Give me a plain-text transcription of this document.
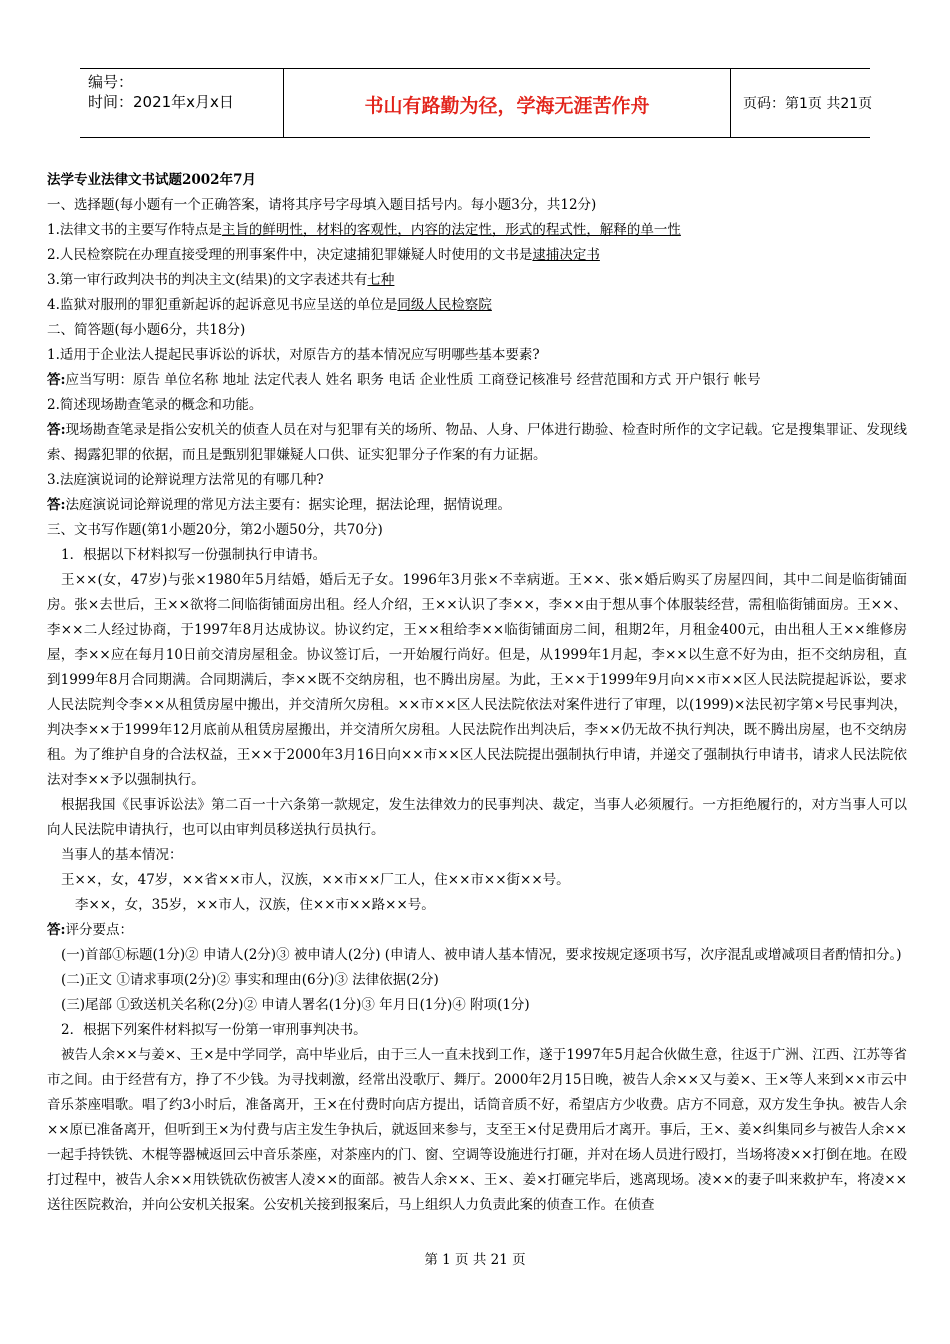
编号：
时间：2021年x月x日	书山有路勤为径，学海无涯苦作舟	页码：第1页 共21页

法学专业法律文书试题2002年7月

一、选择题(每小题有一个正确答案，请将其序号字母填入题目括号内。每小题3分，共12分)

1.法律文书的主要写作特点是主旨的鲜明性，材料的客观性，内容的法定性，形式的程式性，解释的单一性

2.人民检察院在办理直接受理的刑事案件中，决定逮捕犯罪嫌疑人时使用的文书是逮捕决定书

3.第一审行政判决书的判决主文(结果)的文字表述共有七种

4.监狱对服刑的罪犯重新起诉的起诉意见书应呈送的单位是同级人民检察院

二、简答题(每小题6分，共18分)

1.适用于企业法人提起民事诉讼的诉状，对原告方的基本情况应写明哪些基本要素?

答:应当写明：原告 单位名称 地址 法定代表人 姓名 职务 电话 企业性质 工商登记核准号 经营范围和方式 开户银行 帐号

2.简述现场勘查笔录的概念和功能。

答:现场勘查笔录是指公安机关的侦查人员在对与犯罪有关的场所、物品、人身、尸体进行勘验、检查时所作的文字记载。它是搜集罪证、发现线索、揭露犯罪的依据，而且是甄别犯罪嫌疑人口供、证实犯罪分子作案的有力证据。

3.法庭演说词的论辩说理方法常见的有哪几种?

答:法庭演说词论辩说理的常见方法主要有：据实论理，据法论理，据情说理。

三、文书写作题(第1小题20分，第2小题50分，共70分)

1．根据以下材料拟写一份强制执行申请书。

王××(女，47岁)与张×1980年5月结婚，婚后无子女。1996年3月张×不幸病逝。王××、张×婚后购买了房屋四间，其中二间是临街铺面房。张×去世后，王××欲将二间临街铺面房出租。经人介绍，王××认识了李××，李××由于想从事个体服装经营，需租临街铺面房。王××、李××二人经过协商，于1997年8月达成协议。协议约定，王××租给李××临街铺面房二间，租期2年，月租金400元，由出租人王××维修房屋，李××应在每月10日前交清房屋租金。协议签订后，一开始履行尚好。但是，从1999年1月起，李××以生意不好为由，拒不交纳房租，直到1999年8月合同期满。合同期满后，李××既不交纳房租，也不腾出房屋。为此，王××于1999年9月向××市××区人民法院提起诉讼，要求人民法院判令李××从租赁房屋中搬出，并交清所欠房租。××市××区人民法院依法对案件进行了审理，以(1999)×法民初字第×号民事判决，判决李××于1999年12月底前从租赁房屋搬出，并交清所欠房租。人民法院作出判决后，李××仍无故不执行判决，既不腾出房屋，也不交纳房租。为了维护自身的合法权益，王××于2000年3月16日向××市××区人民法院提出强制执行申请，并递交了强制执行申请书，请求人民法院依法对李××予以强制执行。

根据我国《民事诉讼法》第二百一十六条第一款规定，发生法律效力的民事判决、裁定，当事人必须履行。一方拒绝履行的，对方当事人可以向人民法院申请执行，也可以由审判员移送执行员执行。

当事人的基本情况：

王××，女，47岁，××省××市人，汉族，××市××厂工人，住××市××街××号。

李××，女，35岁，××市人，汉族，住××市××路××号。

答:评分要点：

(一)首部①标题(1分)② 申请人(2分)③ 被申请人(2分) (申请人、被申请人基本情况，要求按规定逐项书写，次序混乱或增减项目者酌情扣分。)

(二)正文 ①请求事项(2分)② 事实和理由(6分)③ 法律依据(2分)

(三)尾部 ①致送机关名称(2分)② 申请人署名(1分)③ 年月日(1分)④ 附项(1分)

2．根据下列案件材料拟写一份第一审刑事判决书。

被告人余××与姜×、王×是中学同学，高中毕业后，由于三人一直未找到工作，遂于1997年5月起合伙做生意，往返于广洲、江西、江苏等省市之间。由于经营有方，挣了不少钱。为寻找刺激，经常出没歌厅、舞厅。2000年2月15日晚，被告人余××又与姜×、王×等人来到××市云中音乐茶座唱歌。唱了约3小时后，准备离开，王×在付费时向店方提出，话筒音质不好，希望店方少收费。店方不同意，双方发生争执。被告人余××原已准备离开，但听到王×为付费与店主发生争执后，就返回来参与，支至王×付足费用后才离开。事后，王×、姜×纠集同乡与被告人余××一起手持铁铣、木棍等器械返回云中音乐茶座，对茶座内的门、窗、空调等设施进行打砸，并对在场人员进行殴打，当场将凌××打倒在地。在殴打过程中，被告人余××用铁铣砍伤被害人凌××的面部。被告人余××、王×、姜×打砸完毕后，逃离现场。凌××的妻子叫来救护车，将凌××送往医院救治，并向公安机关报案。公安机关接到报案后，马上组织人力负责此案的侦查工作。在侦查

第 1 页 共 21 页
